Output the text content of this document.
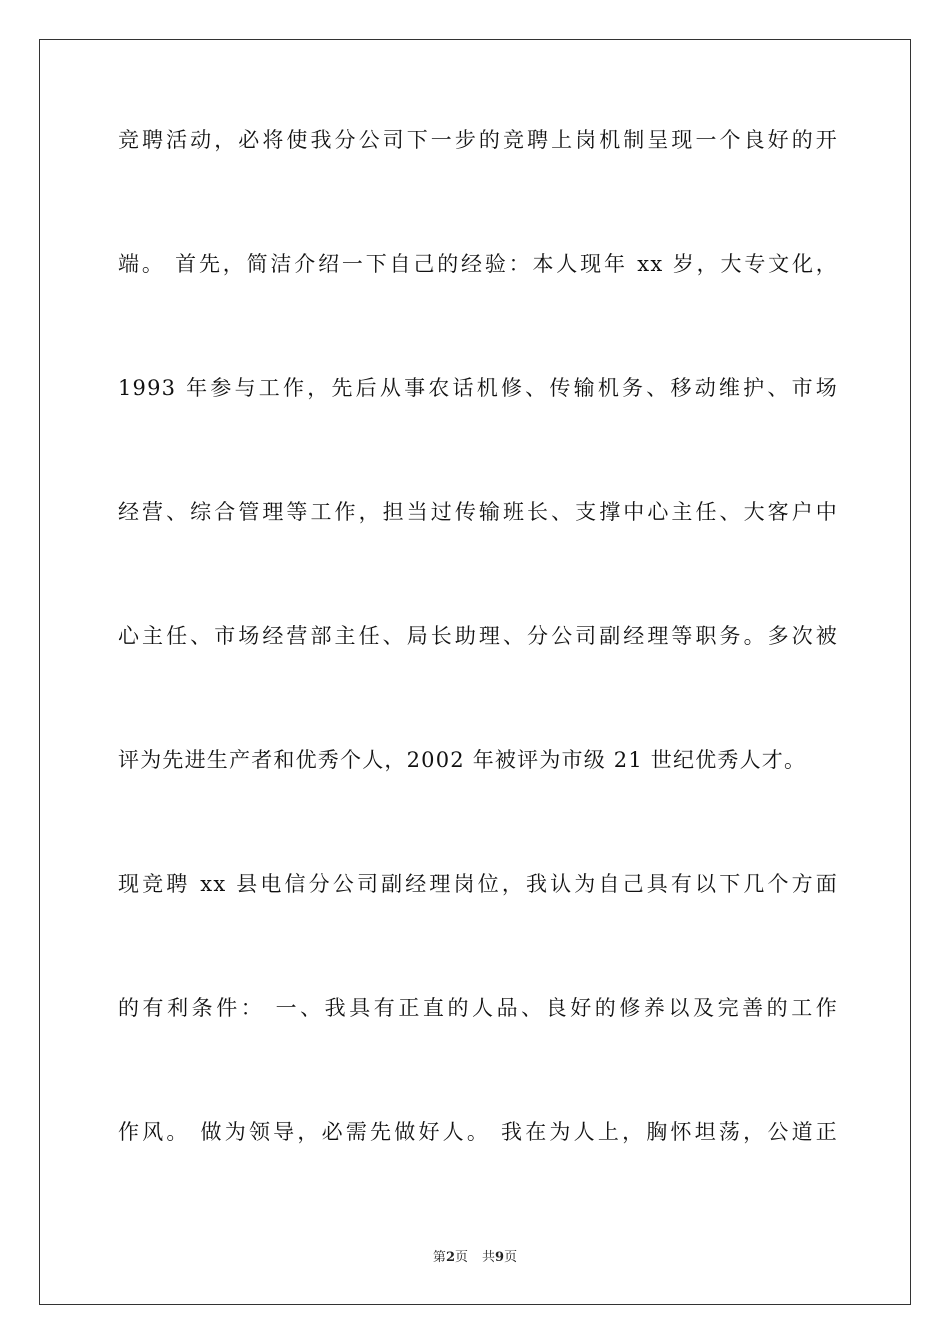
竞聘活动，必将使我分公司下一步的竞聘上岗机制呈现一个良好的开
端。 首先，简洁介绍一下自己的经验：本人现年 xx 岁，大专文化，
1993 年参与工作，先后从事农话机修、传输机务、移动维护、市场
经营、综合管理等工作，担当过传输班长、支撑中心主任、大客户中
心主任、市场经营部主任、局长助理、分公司副经理等职务。多次被
评为先进生产者和优秀个人，2002 年被评为市级 21 世纪优秀人才。
现竞聘 xx 县电信分公司副经理岗位，我认为自己具有以下几个方面
的有利条件： 一、我具有正直的人品、良好的修养以及完善的工作
作风。 做为领导，必需先做好人。 我在为人上，胸怀坦荡，公道正
第2页 共9页
